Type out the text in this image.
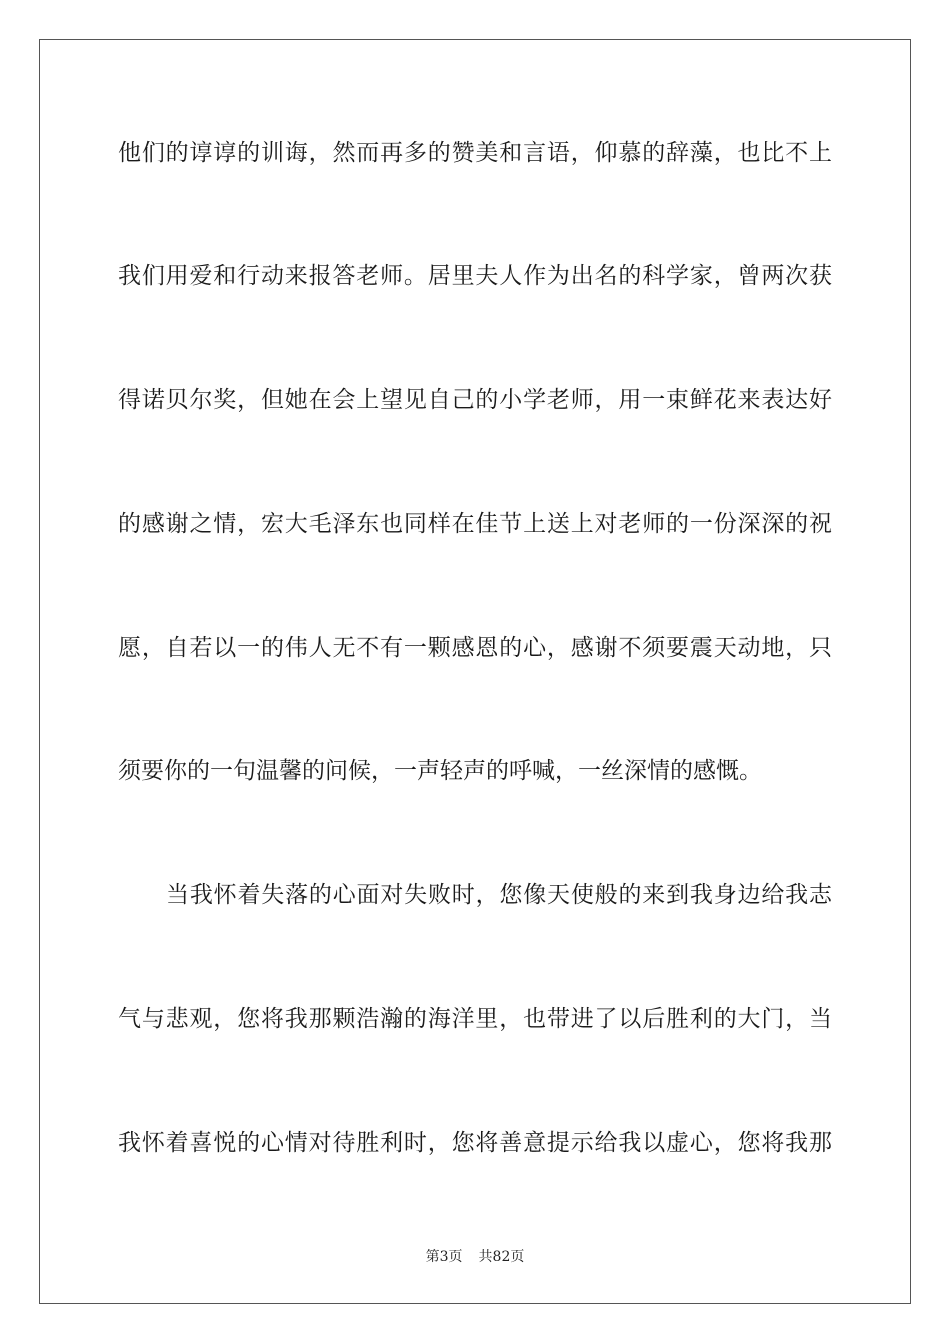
他们的谆谆的训诲，然而再多的赞美和言语，仰慕的辞藻，也比不上
我们用爱和行动来报答老师。居里夫人作为出名的科学家，曾两次获
得诺贝尔奖，但她在会上望见自己的小学老师，用一束鲜花来表达好
的感谢之情，宏大毛泽东也同样在佳节上送上对老师的一份深深的祝
愿，自若以一的伟人无不有一颗感恩的心，感谢不须要震天动地，只
须要你的一句温馨的问候，一声轻声的呼喊，一丝深情的感慨。
当我怀着失落的心面对失败时，您像天使般的来到我身边给我志
气与悲观，您将我那颗浩瀚的海洋里，也带进了以后胜利的大门，当
我怀着喜悦的心情对待胜利时，您将善意提示给我以虚心，您将我那
第3页 共82页
